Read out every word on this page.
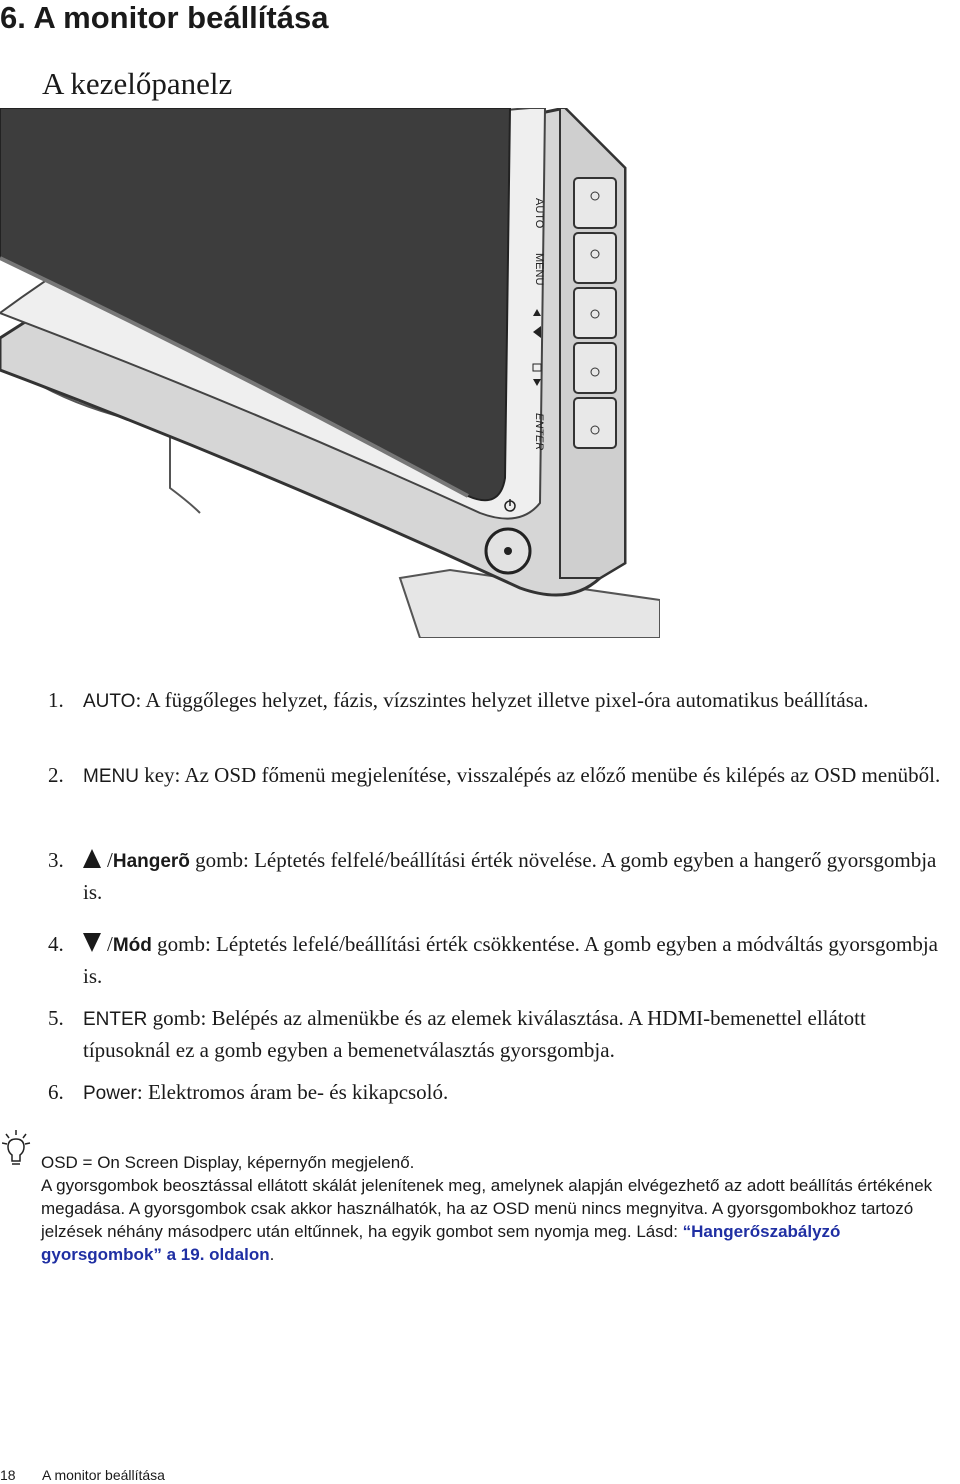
6. A monitor beállítása
A kezelőpanelz
AUTO
MENU
ENTER
1. AUTO: A függőleges helyzet, fázis, vízszintes helyzet illetve pixel-óra automatikus beállítása.
2. MENU key: Az OSD főmenü megjelenítése, visszalépés az előző menübe és kilépés az OSD menüből.
3.	/Hangerõ gomb: Léptetés felfelé/beállítási érték növelése. A gomb egyben a hangerő gyorsgombja is.
4.	/Mód gomb: Léptetés lefelé/beállítási érték csökkentése. A gomb egyben a módváltás gyorsgombja is.
5. ENTER gomb: Belépés az almenükbe és az elemek kiválasztása. A HDMI-bemenettel ellátott típusoknál ez a gomb egyben a bemenetválasztás gyorsgombja.
6. Power: Elektromos áram be- és kikapcsoló.

OSD = On Screen Display, képernyőn megjelenő.

A gyorsgombok beosztással ellátott skálát jelenítenek meg, amelynek alapján elvégezhető az adott beállítás értékének megadása. A gyorsgombok csak akkor használhatók, ha az OSD menü nincs megnyitva. A gyorsgombokhoz tartozó jelzések néhány másodperc után eltűnnek, ha egyik gombot sem nyomja meg. Lásd: “Hangerőszabályzó gyorsgombok” a 19. oldalon.

18 A monitor beállítása
